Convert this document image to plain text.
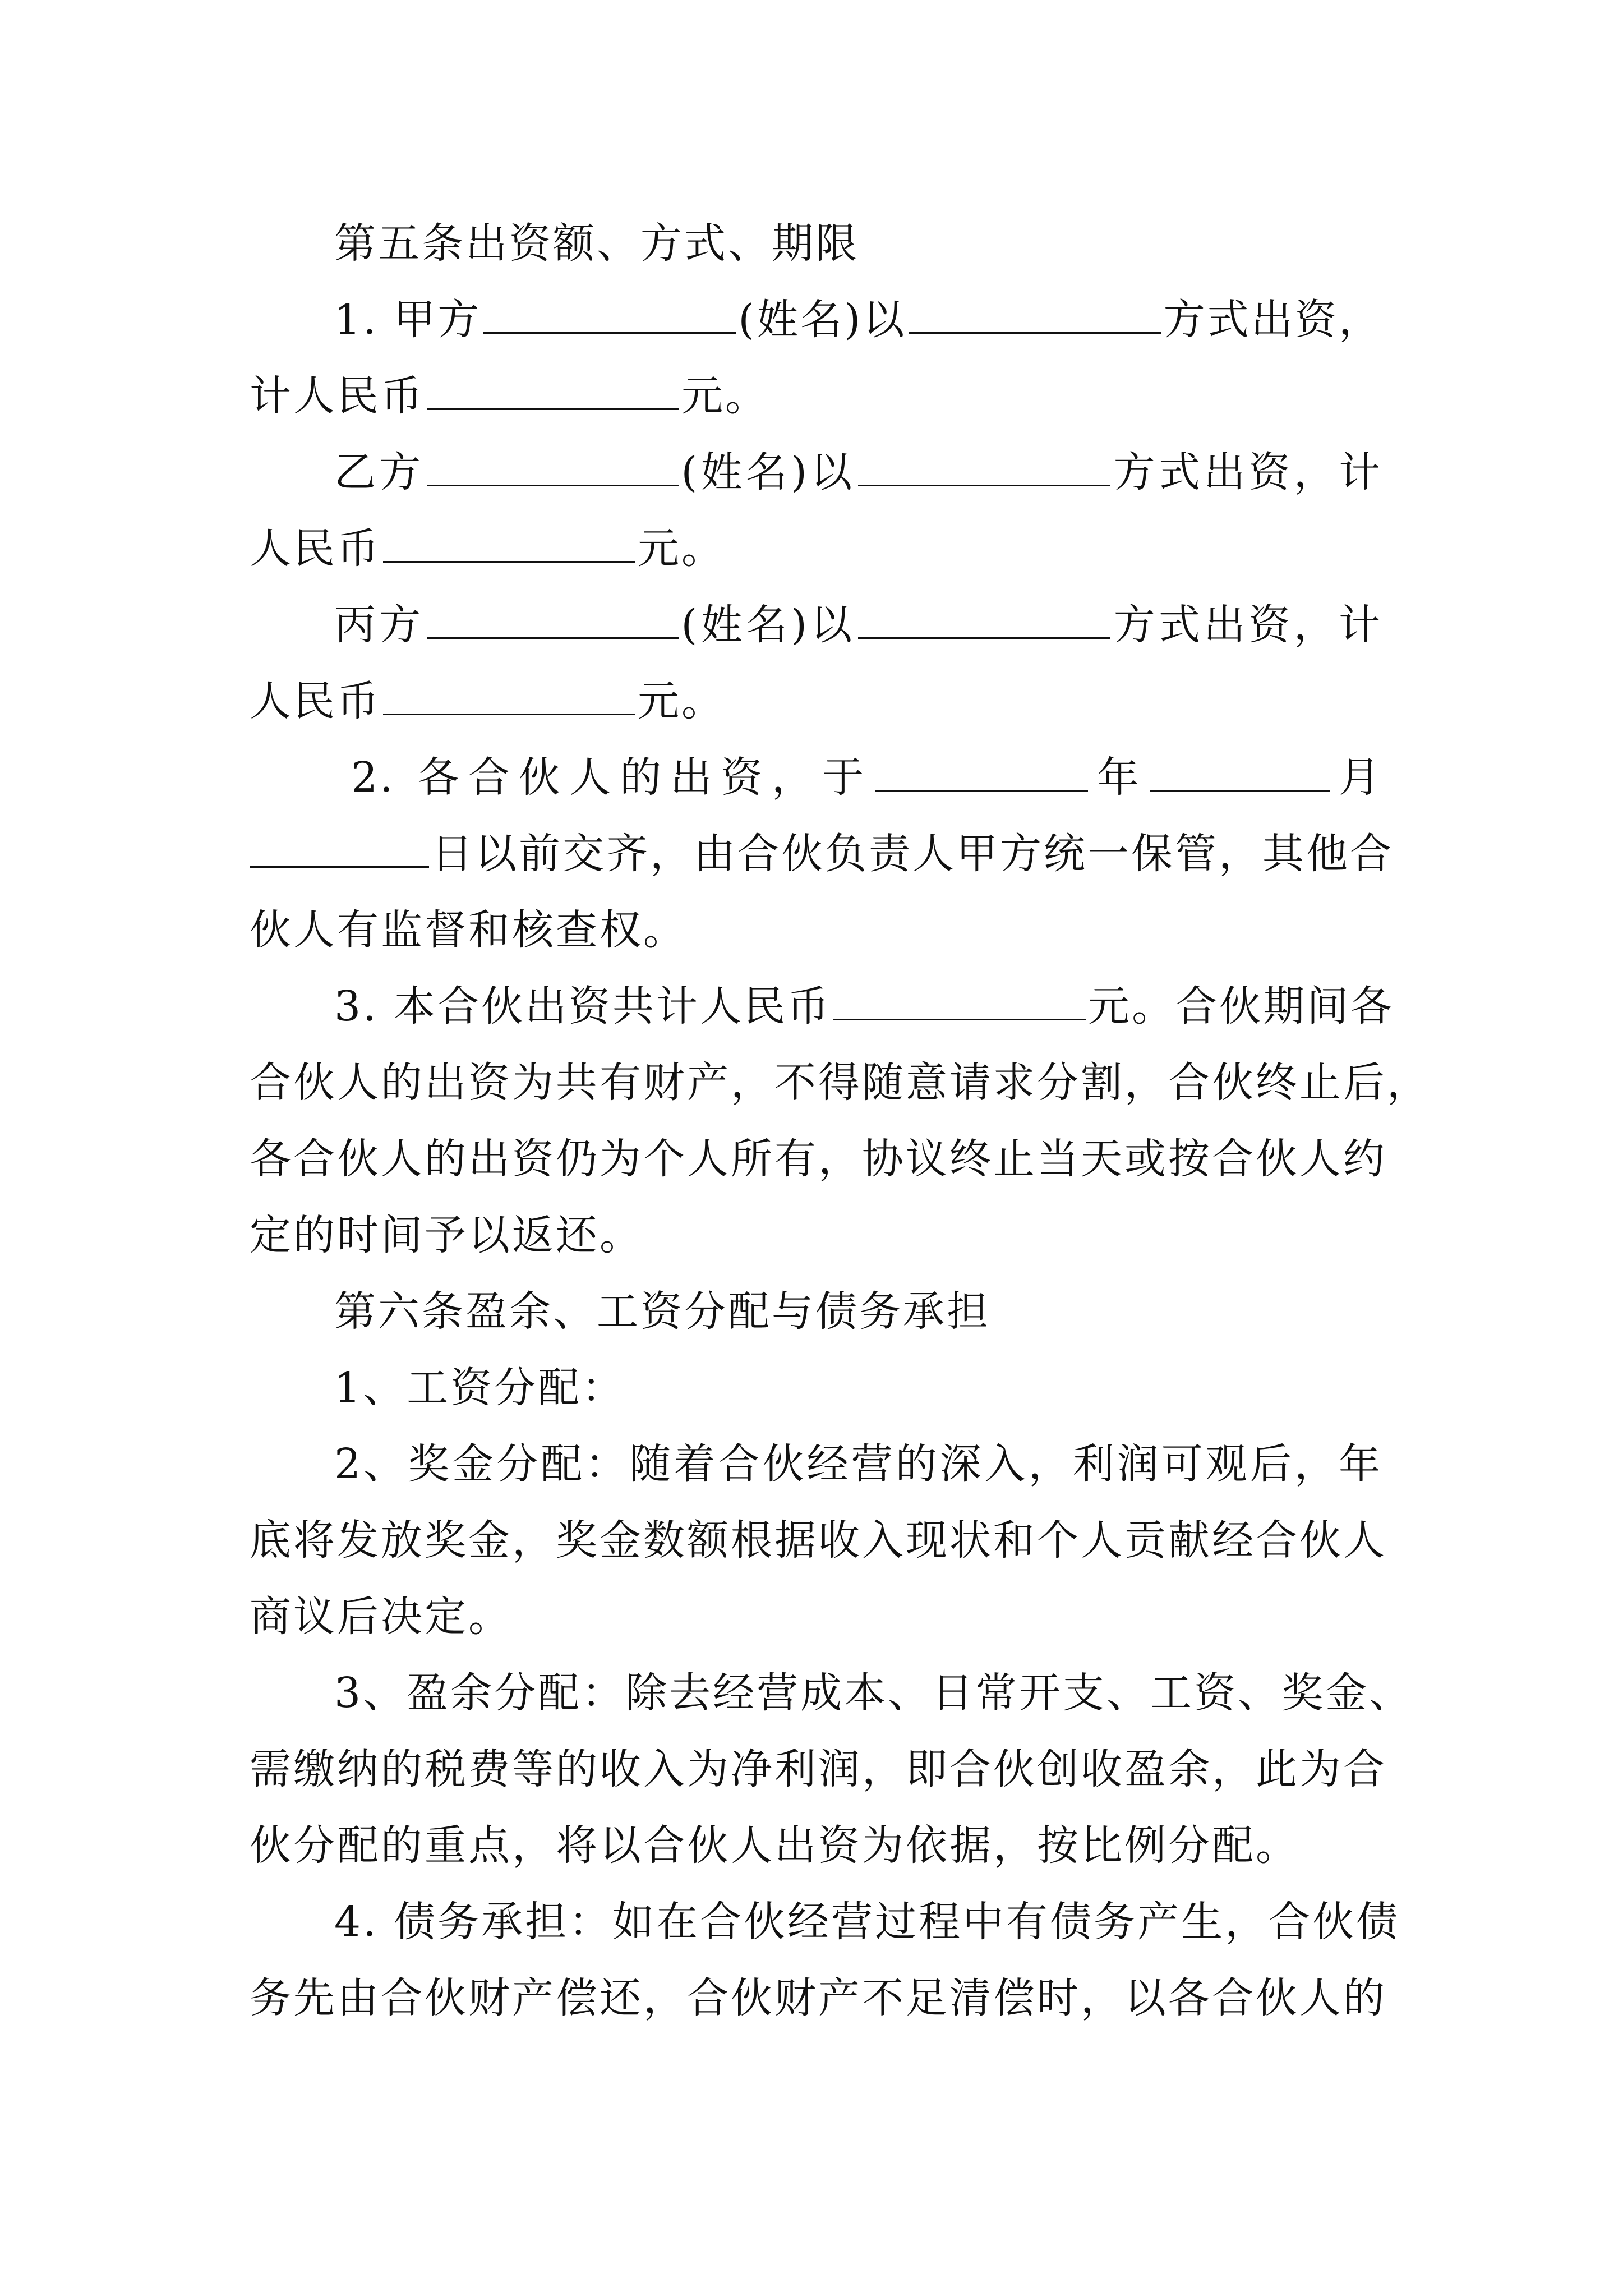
第五条出资额、方式、期限
1. 甲方	(姓名)以	方式出资，
计人民币	元。
乙方	(姓名)以	方式出资，计
人民币	元。
丙方	(姓名)以	方式出资，计
人民币	元。
2. 各合伙人的出资，于	年	月
日以前交齐，由合伙负责人甲方统一保管，其他合
伙人有监督和核查权。
3. 本合伙出资共计人民币	元。合伙期间各
合伙人的出资为共有财产，不得随意请求分割，合伙终止后，
各合伙人的出资仍为个人所有，协议终止当天或按合伙人约
定的时间予以返还。
第六条盈余、工资分配与债务承担
1、工资分配：
2、奖金分配：随着合伙经营的深入，利润可观后，年
底将发放奖金，奖金数额根据收入现状和个人贡献经合伙人
商议后决定。
3、盈余分配：除去经营成本、日常开支、工资、奖金、
需缴纳的税费等的收入为净利润，即合伙创收盈余，此为合
伙分配的重点，将以合伙人出资为依据，按比例分配。
4. 债务承担：如在合伙经营过程中有债务产生，合伙债
务先由合伙财产偿还，合伙财产不足清偿时，以各合伙人的
